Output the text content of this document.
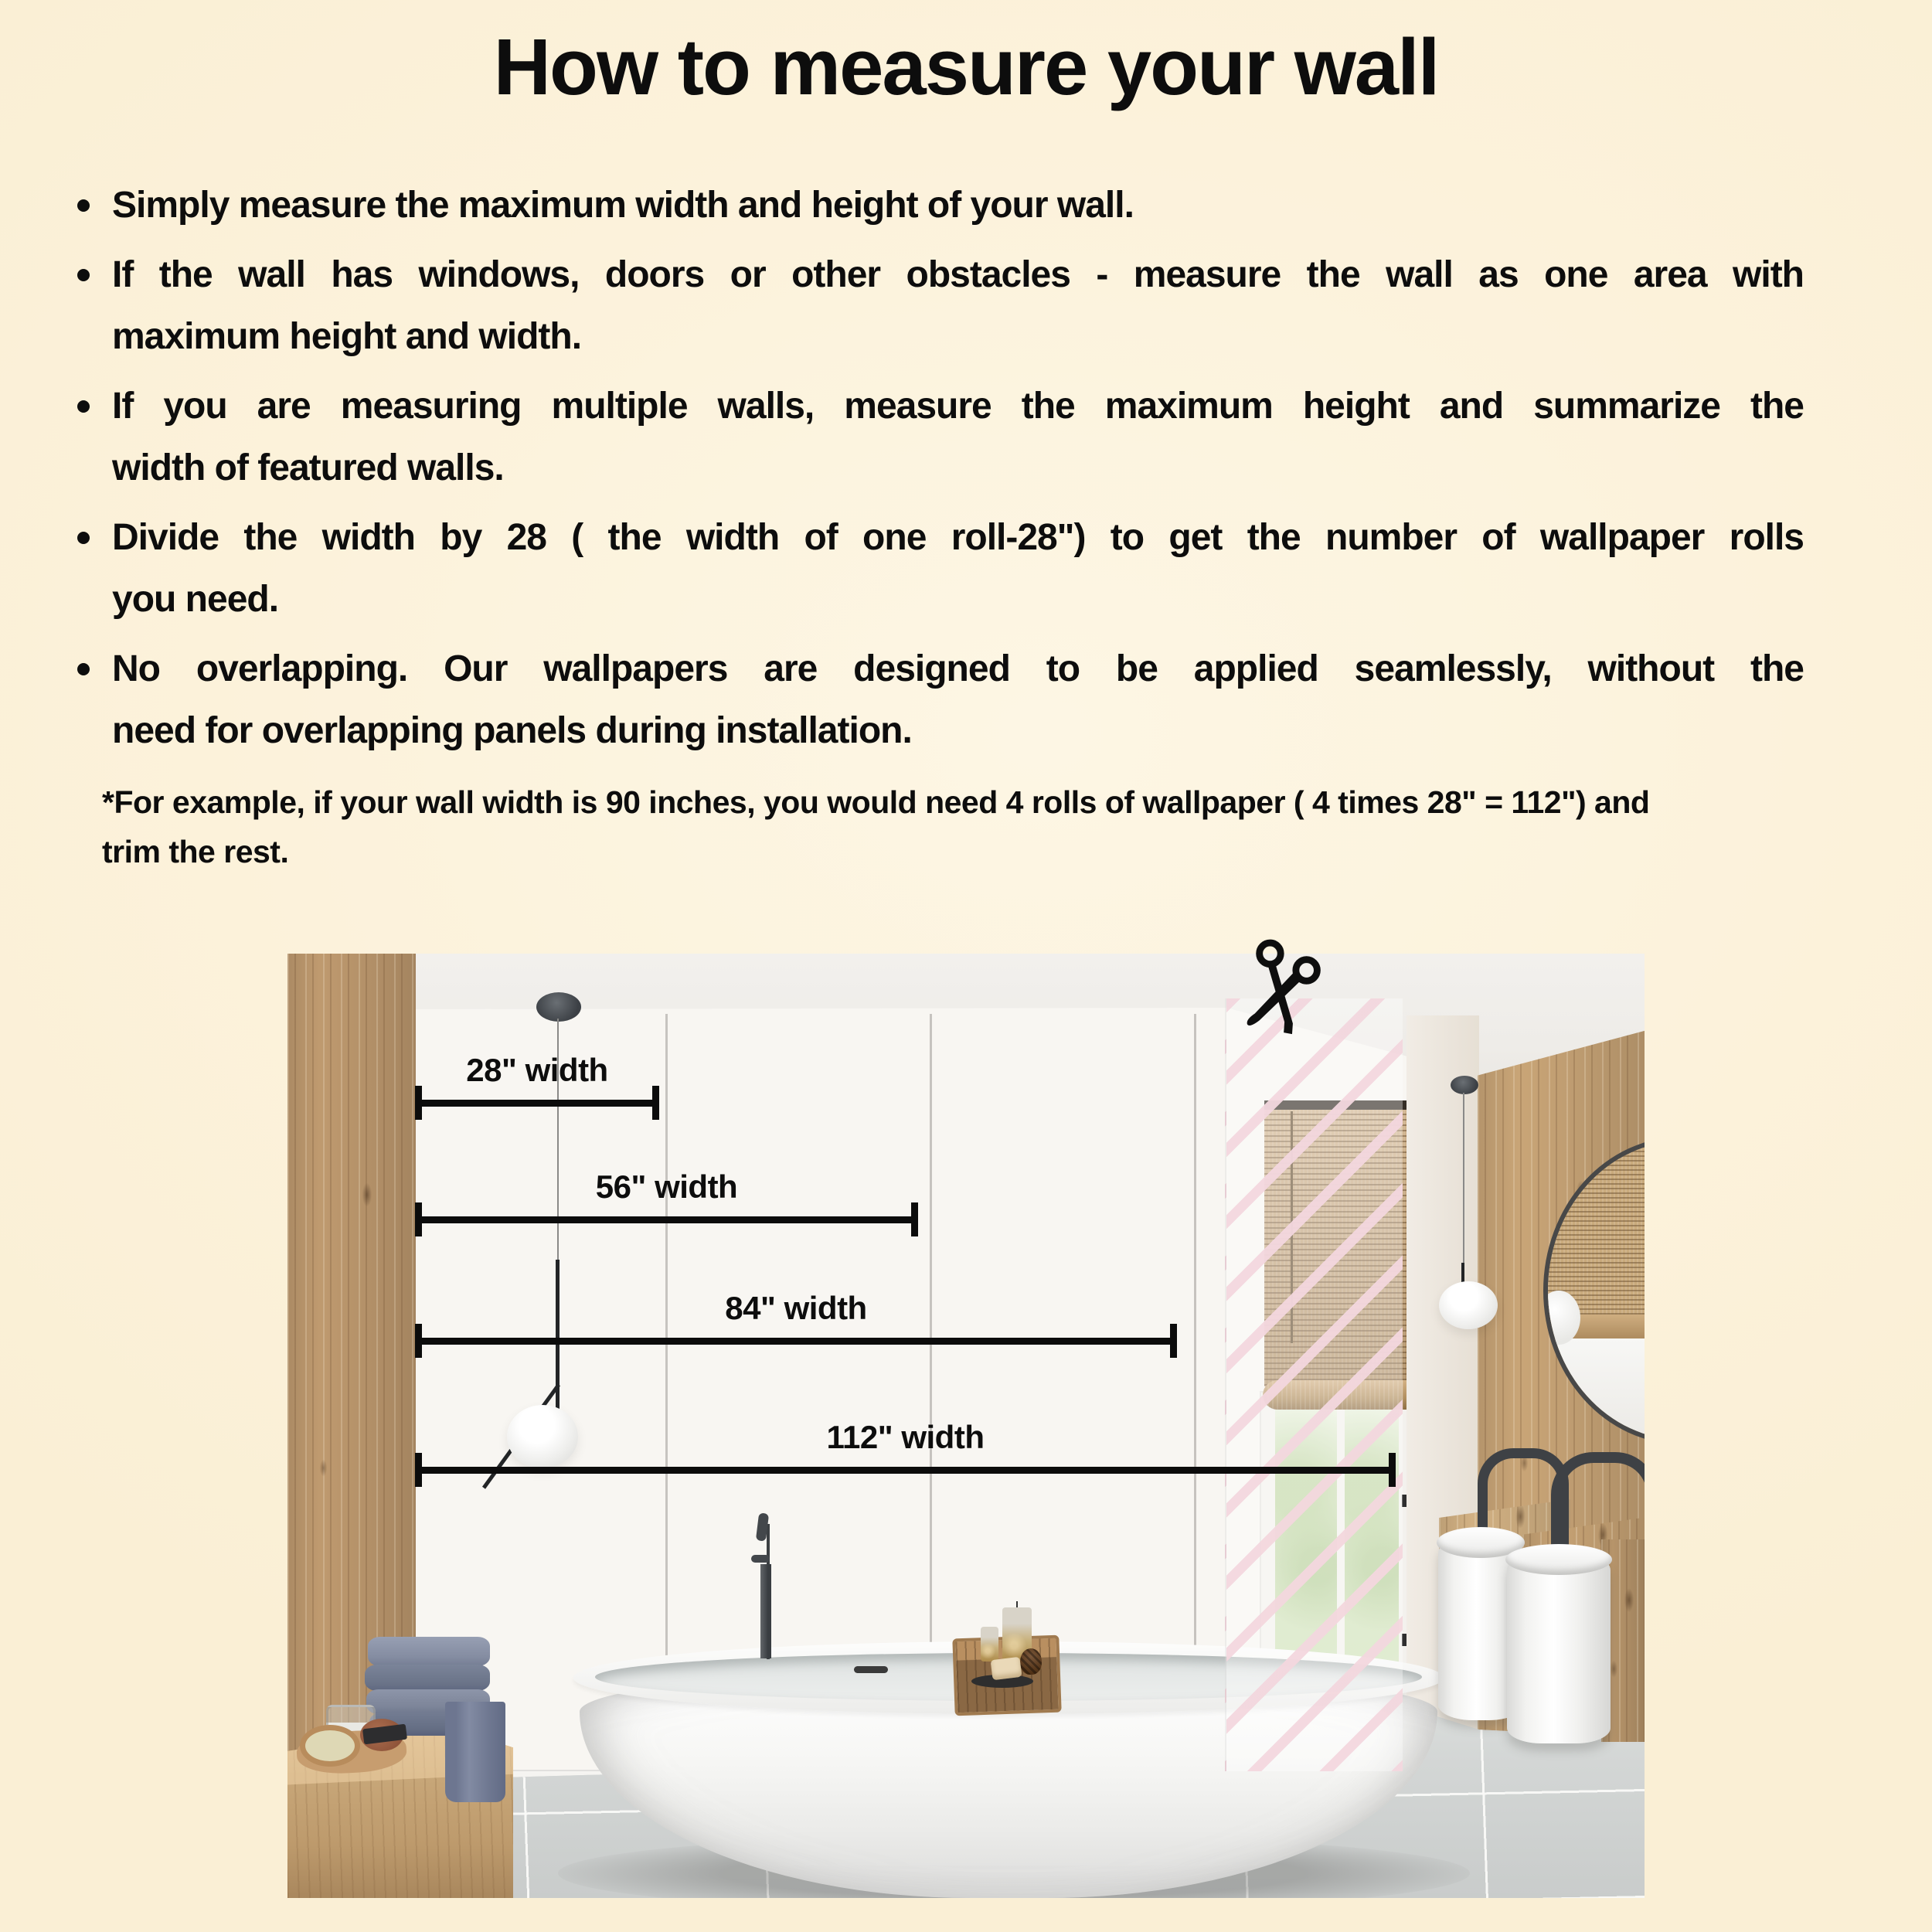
How to measure your wall
Simply measure the maximum width and height of your wall.
If the wall has windows, doors or other obstacles - measure the wall as one area with
maximum height and width.
If you are measuring multiple walls, measure the maximum height and summarize the
width of featured walls.
Divide the width by 28 ( the width of one roll-28") to get the number of wallpaper rolls
you need.
No overlapping. Our wallpapers are designed to be applied seamlessly, without the
need for overlapping panels during installation.

*For example, if your wall width is 90 inches, you would need 4 rolls of wallpaper ( 4 times 28" = 112") and
trim the rest.

28" width
56" width
84" width
112" width
